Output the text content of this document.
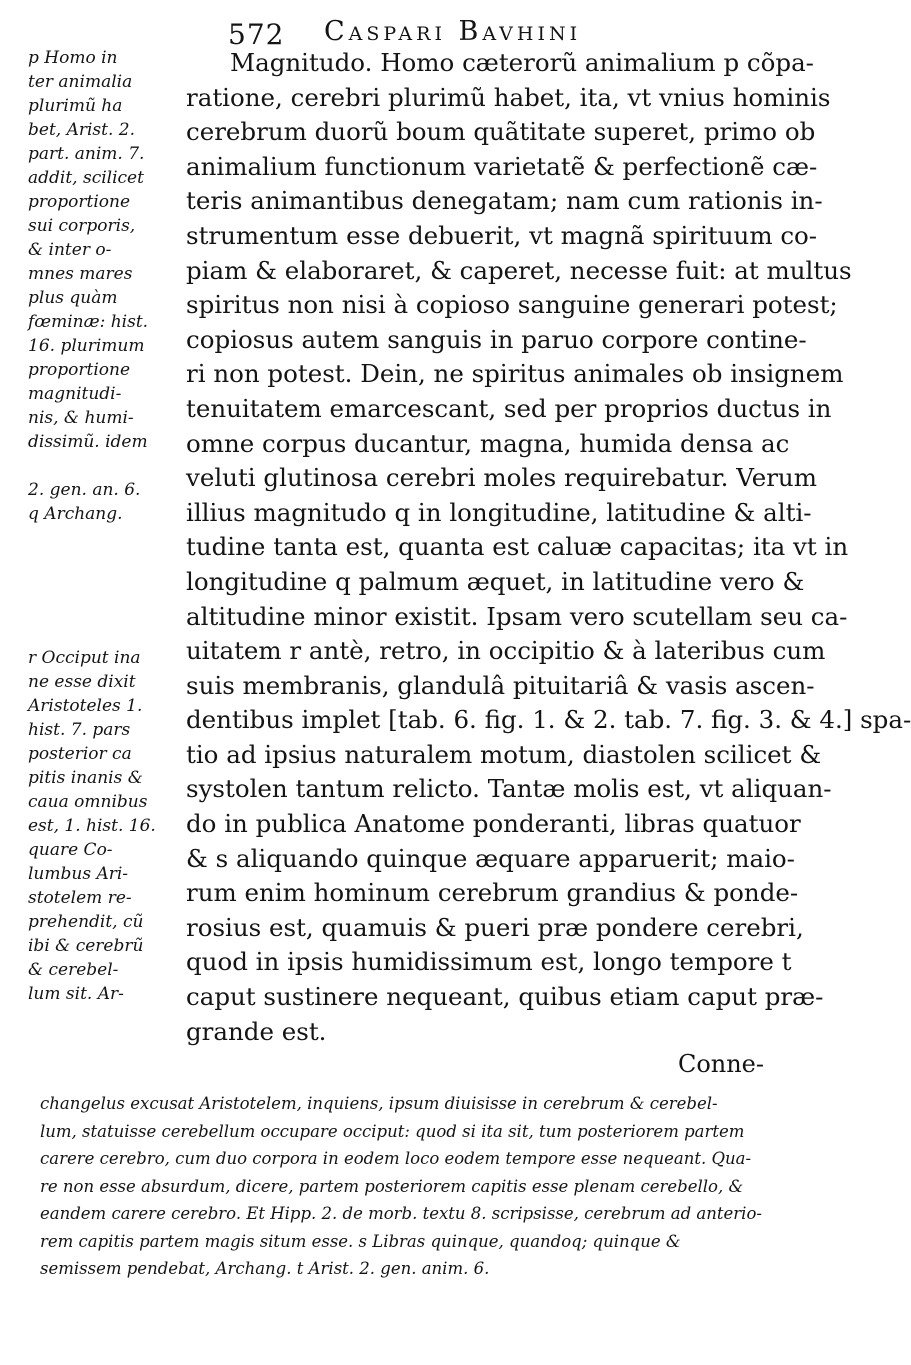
572 Caspari Bavhini
p Homo in
ter animalia
plurimũ ha
bet, Arist. 2.
part. anim. 7.
addit, scilicet
proportione
sui corporis,
& inter o-
mnes mares
plus quàm
fœminæ: hist.
16. plurimum
proportione
magnitudi-
nis, & humi-
dissimũ. idem
2. gen. an. 6.
q Archang.
r Occiput ina
ne esse dixit
Aristoteles 1.
hist. 7. pars
posterior ca
pitis inanis &
caua omnibus
est, 1. hist. 16.
quare Co-
lumbus Ari-
stotelem re-
prehendit, cũ
ibi & cerebrũ
& cerebel-
lum sit. Ar-
Magnitudo. Homo cæterorũ animalium p cõpa-
ratione, cerebri plurimũ habet, ita, vt vnius hominis
cerebrum duorũ boum quãtitate superet, primo ob
animalium functionum varietatẽ & perfectionẽ cæ-
teris animantibus denegatam; nam cum rationis in-
strumentum esse debuerit, vt magnã spirituum co-
piam & elaboraret, & caperet, necesse fuit: at multus
spiritus non nisi à copioso sanguine generari potest;
copiosus autem sanguis in paruo corpore contine-
ri non potest. Dein, ne spiritus animales ob insignem
tenuitatem emarcescant, sed per proprios ductus in
omne corpus ducantur, magna, humida densa ac
veluti glutinosa cerebri moles requirebatur. Verum
illius magnitudo q in longitudine, latitudine & alti-
tudine tanta est, quanta est caluæ capacitas; ita vt in
longitudine q palmum æquet, in latitudine vero &
altitudine minor existit. Ipsam vero scutellam seu ca-
uitatem r antè, retro, in occipitio & à lateribus cum
suis membranis, glandulâ pituitariâ & vasis ascen-
dentibus implet [tab. 6. fig. 1. & 2. tab. 7. fig. 3. & 4.] spa-
tio ad ipsius naturalem motum, diastolen scilicet &
systolen tantum relicto. Tantæ molis est, vt aliquan-
do in publica Anatome ponderanti, libras quatuor
& s aliquando quinque æquare apparuerit; maio-
rum enim hominum cerebrum grandius & ponde-
rosius est, quamuis & pueri præ pondere cerebri,
quod in ipsis humidissimum est, longo tempore t
caput sustinere nequeant, quibus etiam caput præ-
grande est.
Conne-
changelus excusat Aristotelem, inquiens, ipsum diuisisse in cerebrum & cerebel-
lum, statuisse cerebellum occupare occiput: quod si ita sit, tum posteriorem partem
carere cerebro, cum duo corpora in eodem loco eodem tempore esse nequeant. Qua-
re non esse absurdum, dicere, partem posteriorem capitis esse plenam cerebello, &
eandem carere cerebro. Et Hipp. 2. de morb. textu 8. scripsisse, cerebrum ad anterio-
rem capitis partem magis situm esse. s Libras quinque, quandoq; quinque &
semissem pendebat, Archang. t Arist. 2. gen. anim. 6.
